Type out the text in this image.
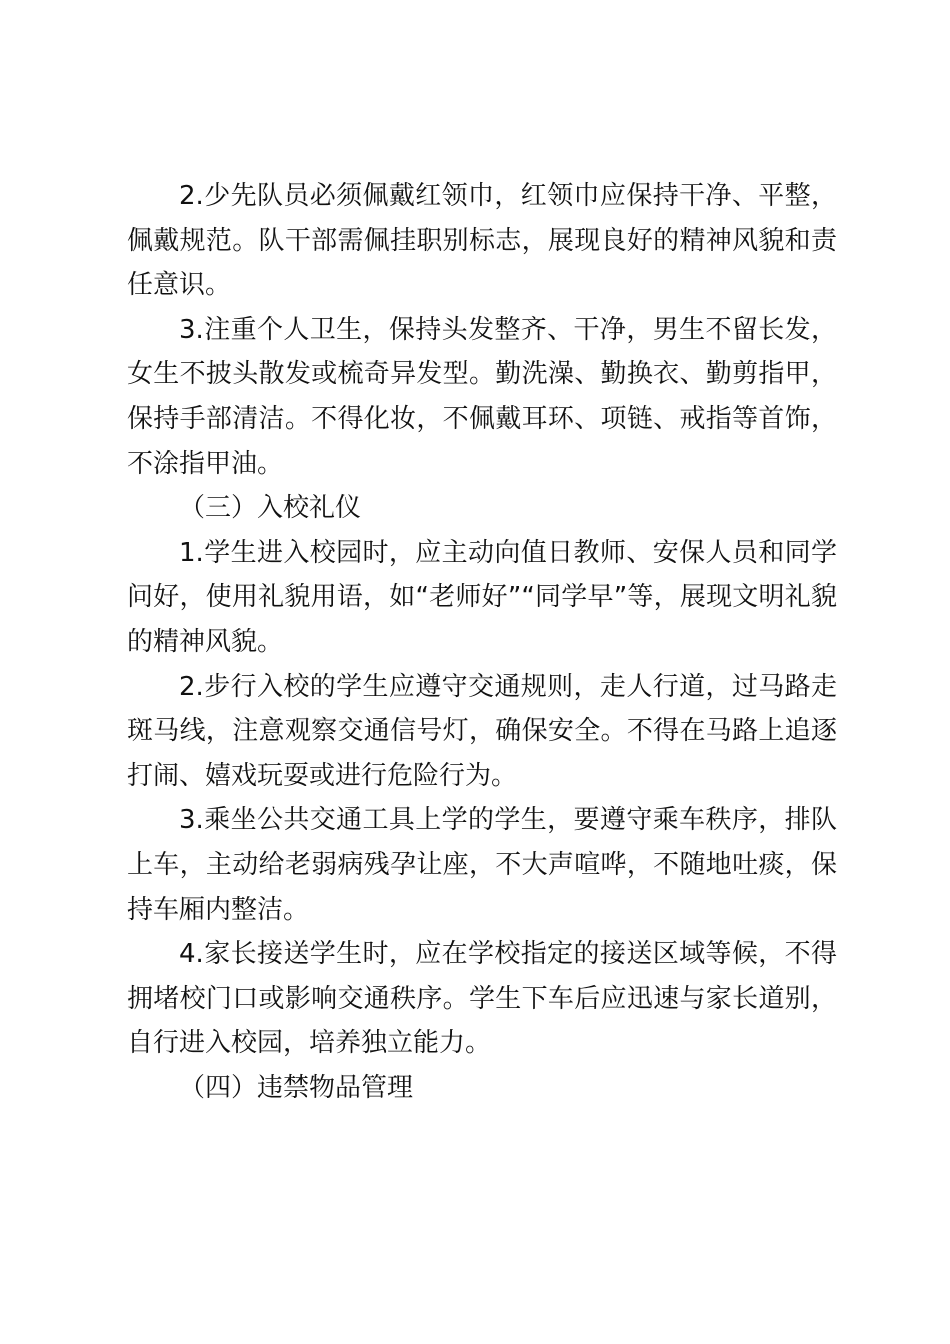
2.少先队员必须佩戴红领巾，红领巾应保持干净、平整，佩戴规范。队干部需佩挂职别标志，展现良好的精神风貌和责任意识。

3.注重个人卫生，保持头发整齐、干净，男生不留长发，女生不披头散发或梳奇异发型。勤洗澡、勤换衣、勤剪指甲，保持手部清洁。不得化妆，不佩戴耳环、项链、戒指等首饰，不涂指甲油。

（三）入校礼仪

1.学生进入校园时，应主动向值日教师、安保人员和同学问好，使用礼貌用语，如“老师好”“同学早”等，展现文明礼貌的精神风貌。

2.步行入校的学生应遵守交通规则，走人行道，过马路走斑马线，注意观察交通信号灯，确保安全。不得在马路上追逐打闹、嬉戏玩耍或进行危险行为。

3.乘坐公共交通工具上学的学生，要遵守乘车秩序，排队上车，主动给老弱病残孕让座，不大声喧哗，不随地吐痰，保持车厢内整洁。

4.家长接送学生时，应在学校指定的接送区域等候，不得拥堵校门口或影响交通秩序。学生下车后应迅速与家长道别，自行进入校园，培养独立能力。

（四）违禁物品管理
